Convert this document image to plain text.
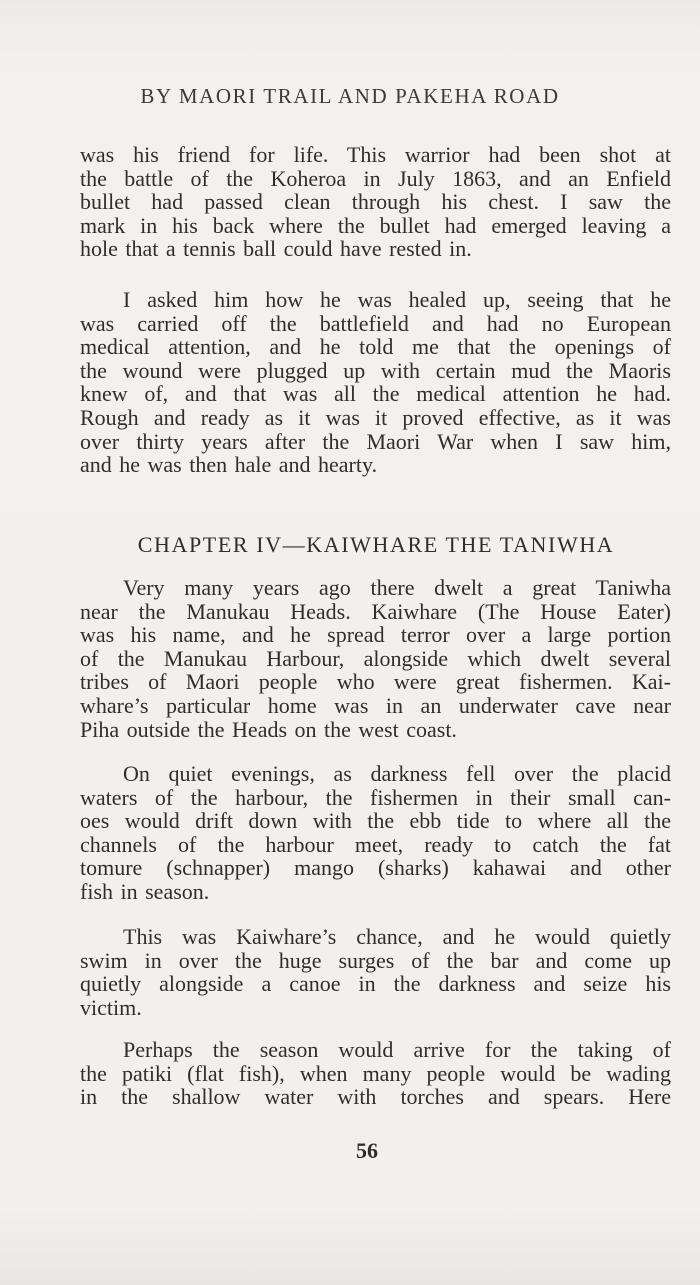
BY MAORI TRAIL AND PAKEHA ROAD
was his friend for life. This warrior had been shot at
the battle of the Koheroa in July 1863, and an Enfield
bullet had passed clean through his chest. I saw the
mark in his back where the bullet had emerged leaving a
hole that a tennis ball could have rested in.
I asked him how he was healed up, seeing that he
was carried off the battlefield and had no European
medical attention, and he told me that the openings of
the wound were plugged up with certain mud the Maoris
knew of, and that was all the medical attention he had.
Rough and ready as it was it proved effective, as it was
over thirty years after the Maori War when I saw him,
and he was then hale and hearty.
CHAPTER IV—KAIWHARE THE TANIWHA
Very many years ago there dwelt a great Taniwha
near the Manukau Heads. Kaiwhare (The House Eater)
was his name, and he spread terror over a large portion
of the Manukau Harbour, alongside which dwelt several
tribes of Maori people who were great fishermen. Kai-
whare’s particular home was in an underwater cave near
Piha outside the Heads on the west coast.
On quiet evenings, as darkness fell over the placid
waters of the harbour, the fishermen in their small can-
oes would drift down with the ebb tide to where all the
channels of the harbour meet, ready to catch the fat
tomure (schnapper) mango (sharks) kahawai and other
fish in season.
This was Kaiwhare’s chance, and he would quietly
swim in over the huge surges of the bar and come up
quietly alongside a canoe in the darkness and seize his
victim.
Perhaps the season would arrive for the taking of
the patiki (flat fish), when many people would be wading
in the shallow water with torches and spears. Here
56
